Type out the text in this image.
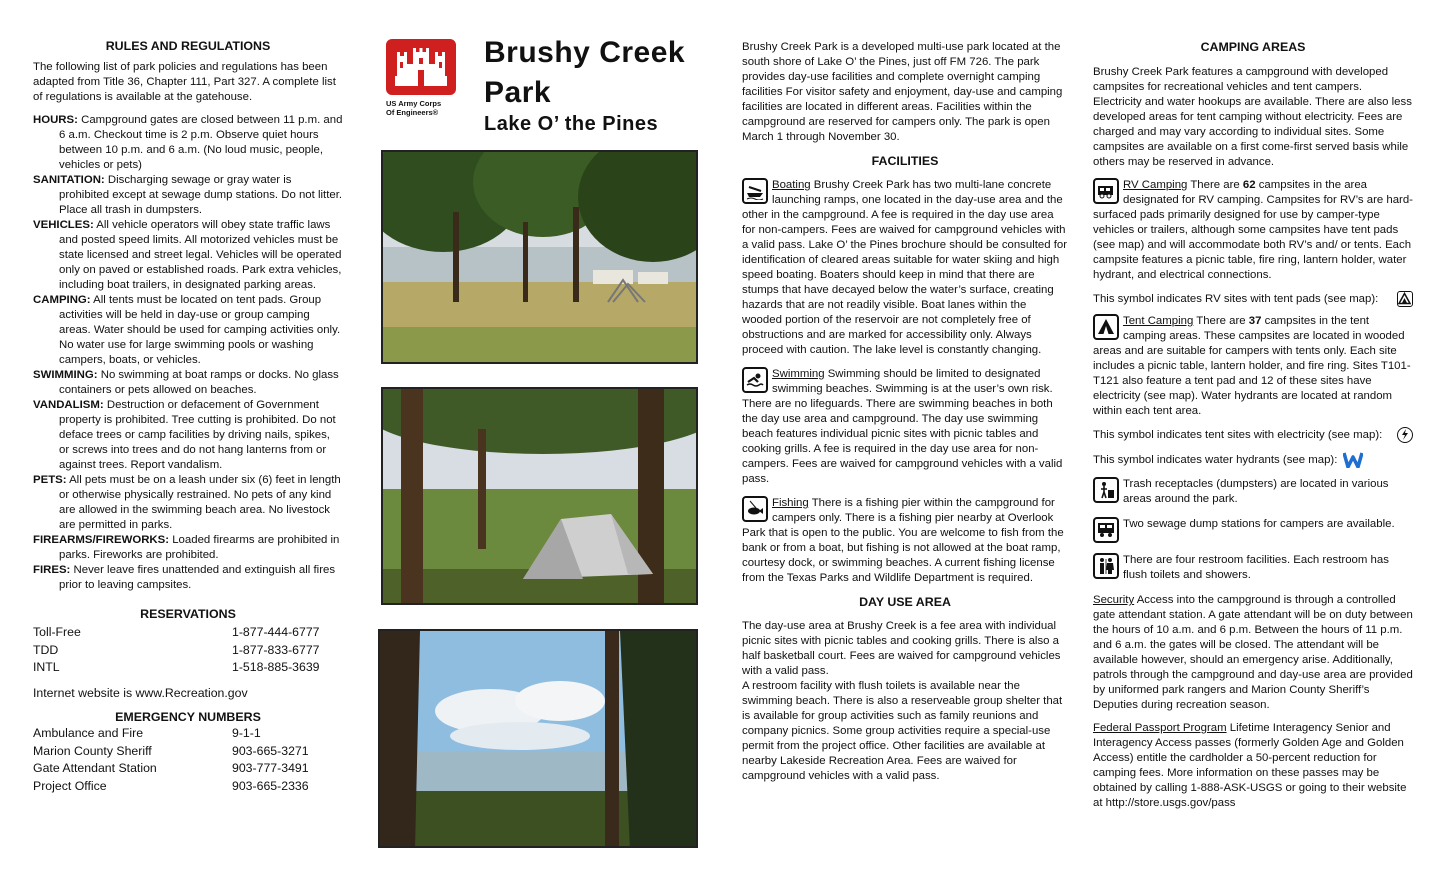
RULES AND REGULATIONS

The following list of park policies and regulations has been adapted from Title 36, Chapter 111, Part 327. A complete list of regulations is available at the gatehouse.

HOURS: Campground gates are closed between 11 p.m. and 6 a.m. Checkout time is 2 p.m. Observe quiet hours between 10 p.m. and 6 a.m. (No loud music, people, vehicles or pets)

SANITATION: Discharging sewage or gray water is prohibited except at sewage dump stations. Do not litter. Place all trash in dumpsters.

VEHICLES: All vehicle operators will obey state traffic laws and posted speed limits. All motorized vehicles must be state licensed and street legal. Vehicles will be operated only on paved or established roads. Park extra vehicles, including boat trailers, in designated parking areas.

CAMPING: All tents must be located on tent pads. Group activities will be held in day-use or group camping areas. Water should be used for camping activities only. No water use for large swimming pools or washing campers, boats, or vehicles.

SWIMMING: No swimming at boat ramps or docks. No glass containers or pets allowed on beaches.

VANDALISM: Destruction or defacement of Government property is prohibited. Tree cutting is prohibited. Do not deface trees or camp facilities by driving nails, spikes, or screws into trees and do not hang lanterns from or against trees. Report vandalism.

PETS: All pets must be on a leash under six (6) feet in length or otherwise physically restrained. No pets of any kind are allowed in the swimming beach area. No livestock are permitted in parks.

FIREARMS/FIREWORKS: Loaded firearms are prohibited in parks. Fireworks are prohibited.

FIRES: Never leave fires unattended and extinguish all fires prior to leaving campsites.

RESERVATIONS
Toll-Free	1-877-444-6777
TDD	1-877-833-6777
INTL	1-518-885-3639
Internet website is www.Recreation.gov
EMERGENCY NUMBERS
Ambulance and Fire	9-1-1
Marion County Sheriff	903-665-3271
Gate Attendant Station	903-777-3491
Project Office	903-665-2336
US Army Corps
Of Engineers®
Brushy Creek
Park
Lake O’ the Pines

Brushy Creek Park is a developed multi-use park located at the south shore of Lake O’ the Pines, just off FM 726. The park provides day-use facilities and complete overnight camping facilities For visitor safety and enjoyment, day-use and camping facilities are located in different areas. Facilities within the campground are reserved for campers only. The park is open March 1 through November 30.

FACILITIES

Boating Brushy Creek Park has two multi-lane concrete launching ramps, one located in the day-use area and the other in the campground. A fee is required in the day use area for non-campers. Fees are waived for campground vehicles with a valid pass. Lake O’ the Pines brochure should be consulted for identification of cleared areas suitable for water skiing and high speed boating. Boaters should keep in mind that there are stumps that have decayed below the water’s surface, creating hazards that are not readily visible. Boat lanes within the wooded portion of the reservoir are not completely free of obstructions and are marked for accessibility only. Always proceed with caution. The lake level is constantly changing.

Swimming Swimming should be limited to designated swimming beaches. Swimming is at the user’s own risk. There are no lifeguards. There are swimming beaches in both the day use area and campground. The day use swimming beach features individual picnic sites with picnic tables and cooking grills. A fee is required in the day use area for non-campers. Fees are waived for campground vehicles with a valid pass.

Fishing There is a fishing pier within the campground for campers only. There is a fishing pier nearby at Overlook Park that is open to the public. You are welcome to fish from the bank or from a boat, but fishing is not allowed at the boat ramp, courtesy dock, or swimming beaches. A current fishing license from the Texas Parks and Wildlife Department is required.

DAY USE AREA

The day-use area at Brushy Creek is a fee area with individual picnic sites with picnic tables and cooking grills. There is also a half basketball court. Fees are waived for campground vehicles with a valid pass.

A restroom facility with flush toilets is available near the swimming beach. There is also a reserveable group shelter that is available for group activities such as family reunions and company picnics. Some group activities require a special-use permit from the project office. Other facilities are available at nearby Lakeside Recreation Area. Fees are waived for campground vehicles with a valid pass.

CAMPING AREAS

Brushy Creek Park features a campground with developed campsites for recreational vehicles and tent campers. Electricity and water hookups are available. There are also less developed areas for tent camping without electricity. Fees are charged and may vary according to individual sites. Some campsites are available on a first come-first served basis while others may be reserved in advance.

RV Camping There are 62 campsites in the area designated for RV camping. Campsites for RV’s are hard-surfaced pads primarily designed for use by camper-type vehicles or trailers, although some campsites have tent pads (see map) and will accommodate both RV’s and/ or tents. Each campsite features a picnic table, fire ring, lantern holder, water hydrant, and electrical connections.

This symbol indicates RV sites with tent pads (see map):

Tent Camping There are 37 campsites in the tent camping areas. These campsites are located in wooded areas and are suitable for campers with tents only. Each site includes a picnic table, lantern holder, and fire ring. Sites T101-T121 also feature a tent pad and 12 of these sites have electricity (see map). Water hydrants are located at random within each tent area.

This symbol indicates tent sites with electricity (see map):
This symbol indicates water hydrants (see map):
Trash receptacles (dumpsters) are located in various areas around the park.
Two sewage dump stations for campers are available.
There are four restroom facilities. Each restroom has flush toilets and showers.

Security Access into the campground is through a controlled gate attendant station. A gate attendant will be on duty between the hours of 10 a.m. and 6 p.m. Between the hours of 11 p.m. and 6 a.m. the gates will be closed. The attendant will be available however, should an emergency arise. Additionally, patrols through the campground and day-use area are provided by uniformed park rangers and Marion County Sheriff’s Deputies during recreation season.

Federal Passport Program Lifetime Interagency Senior and Interagency Access passes (formerly Golden Age and Golden Access) entitle the cardholder a 50-percent reduction for camping fees. More information on these passes may be obtained by calling 1-888-ASK-USGS or going to their website at http://store.usgs.gov/pass
